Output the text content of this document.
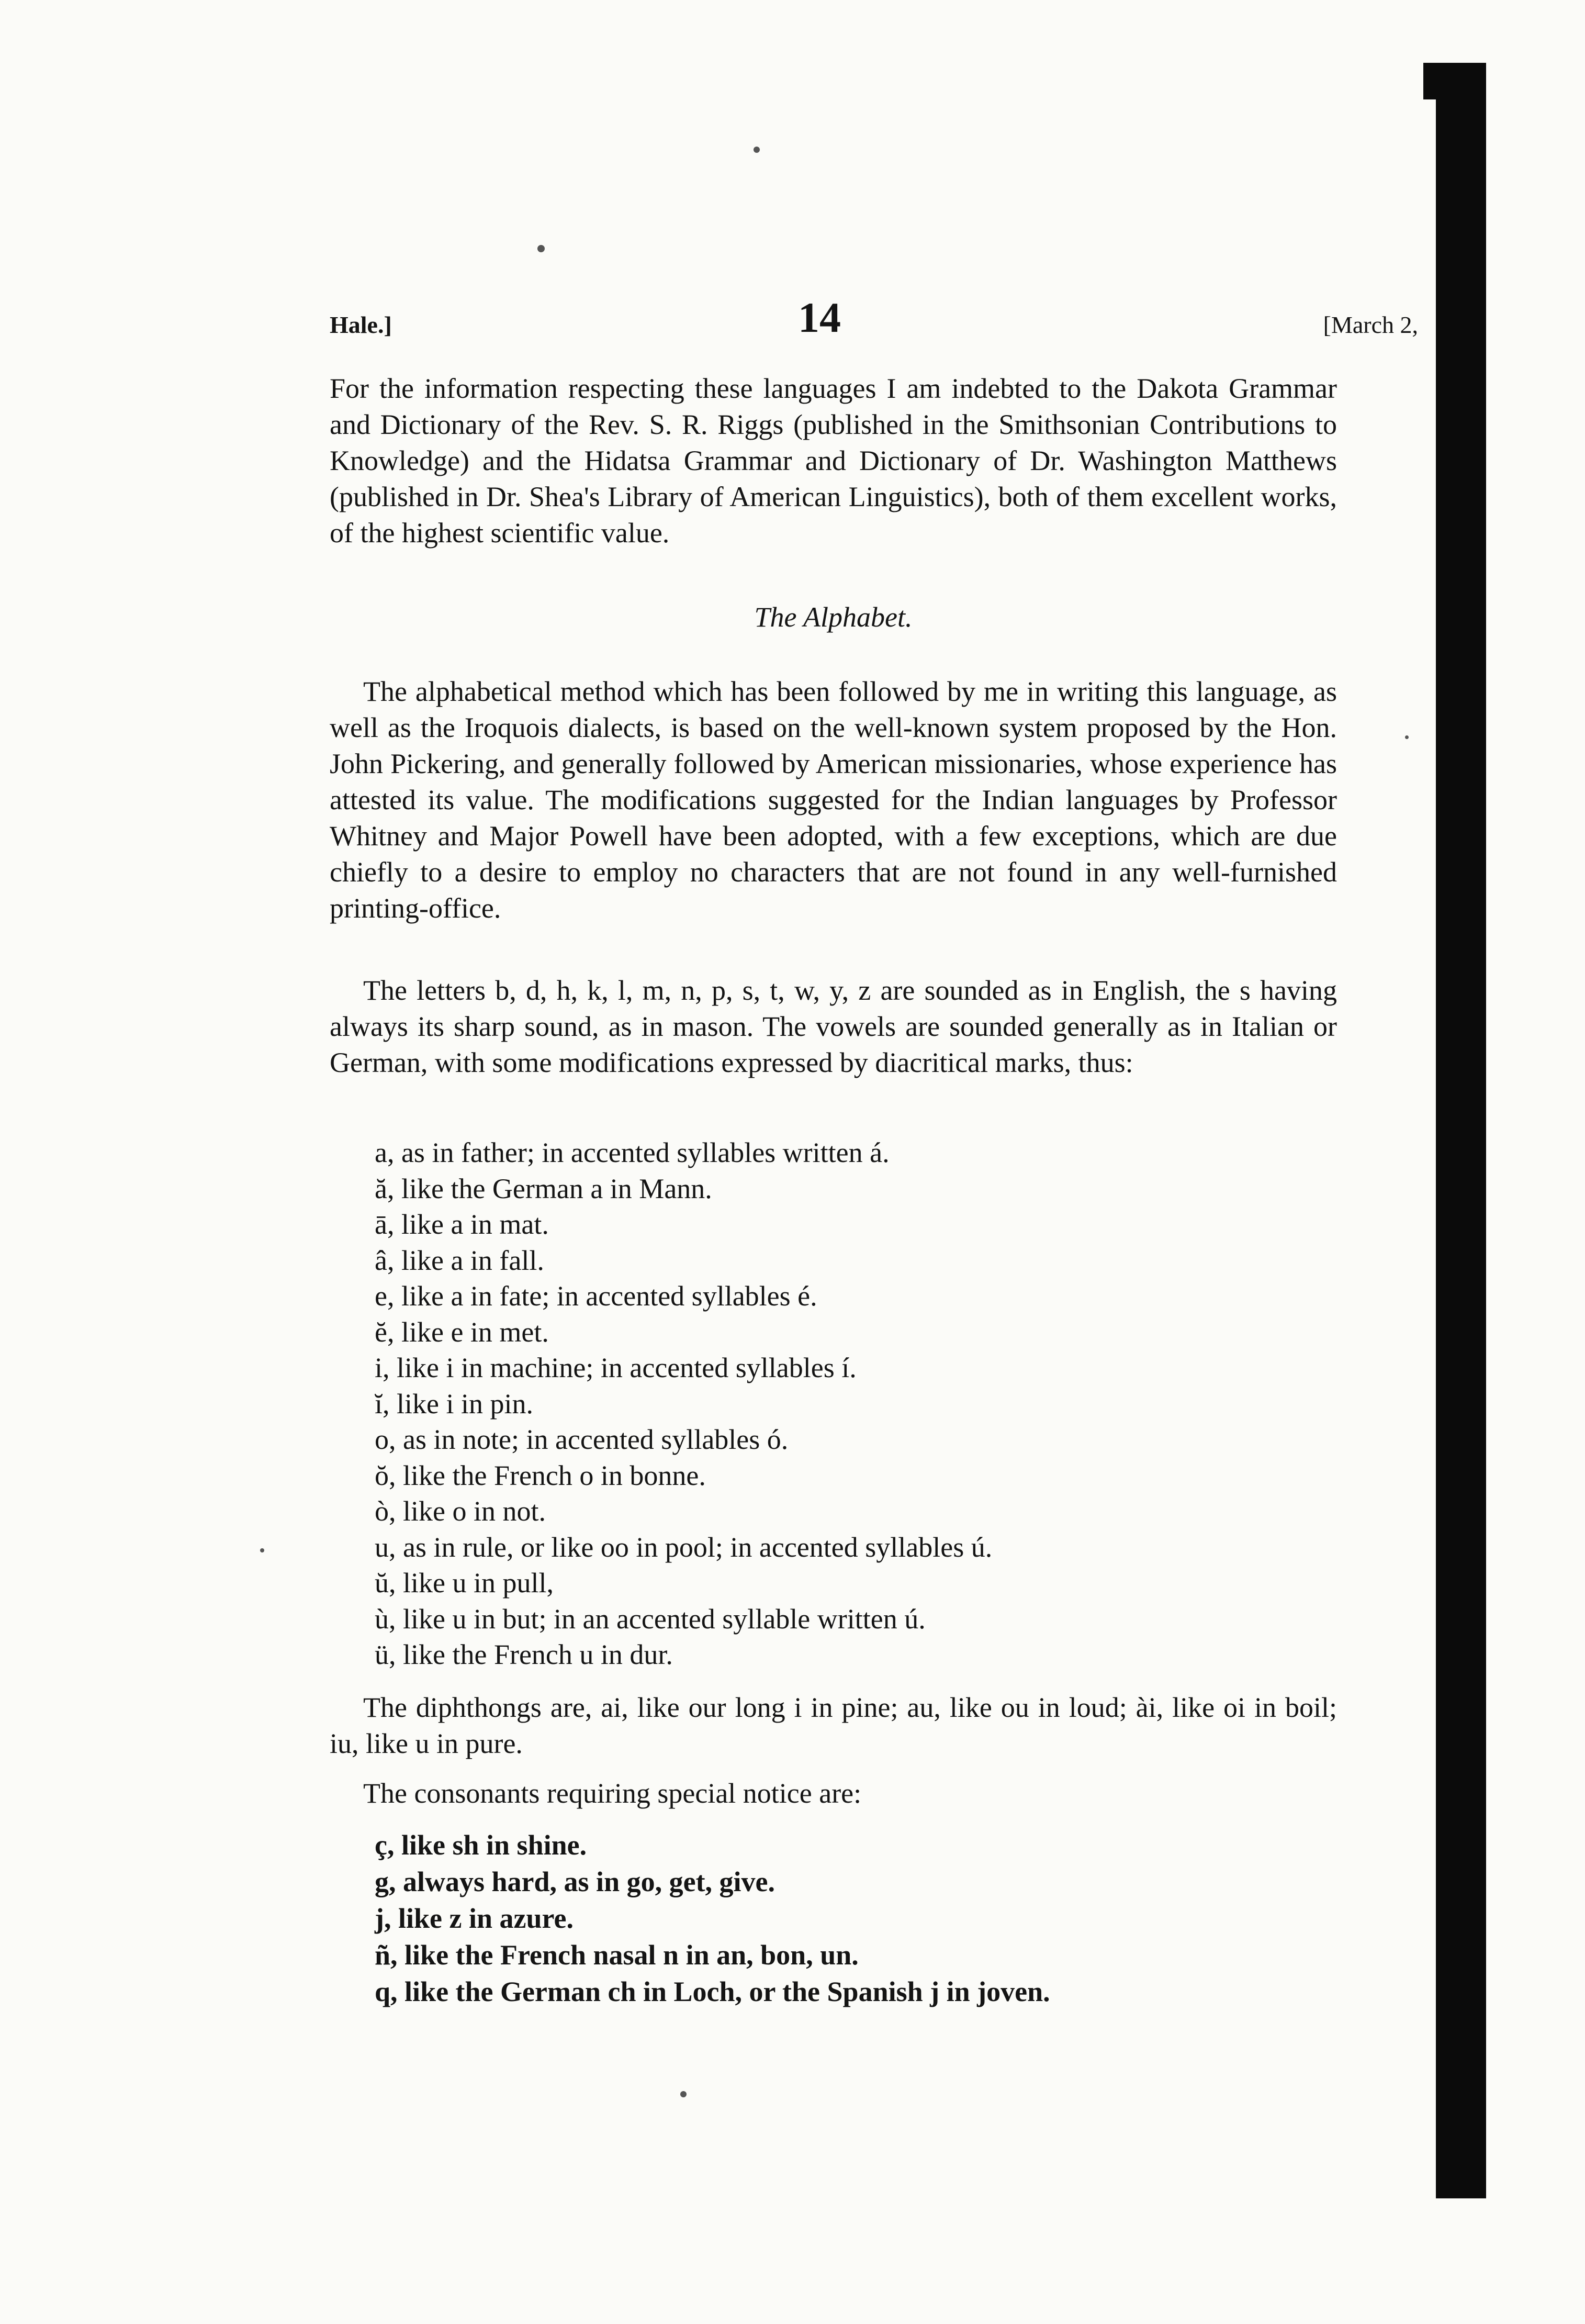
Hale.]	14	[March 2,

For the information respecting these languages I am indebted to the Dakota Grammar and Dictionary of the Rev. S. R. Riggs (published in the Smithsonian Contributions to Knowledge) and the Hidatsa Grammar and Dictionary of Dr. Washington Matthews (published in Dr. Shea's Library of American Linguistics), both of them excellent works, of the highest scientific value.

The Alphabet.

The alphabetical method which has been followed by me in writing this language, as well as the Iroquois dialects, is based on the well-known system proposed by the Hon. John Pickering, and generally followed by American missionaries, whose experience has attested its value. The modifications suggested for the Indian languages by Professor Whitney and Major Powell have been adopted, with a few exceptions, which are due chiefly to a desire to employ no characters that are not found in any well-furnished printing-office.

The letters b, d, h, k, l, m, n, p, s, t, w, y, z are sounded as in English, the s having always its sharp sound, as in mason. The vowels are sounded generally as in Italian or German, with some modifications expressed by diacritical marks, thus:

a, as in father; in accented syllables written á.
ă, like the German a in Mann.
ā, like a in mat.
â, like a in fall.
e, like a in fate; in accented syllables é.
ĕ, like e in met.
i, like i in machine; in accented syllables í.
ĭ, like i in pin.
o, as in note; in accented syllables ó.
ŏ, like the French o in bonne.
ò, like o in not.
u, as in rule, or like oo in pool; in accented syllables ú.
ŭ, like u in pull,
ù, like u in but; in an accented syllable written ú.
ü, like the French u in dur.

The diphthongs are, ai, like our long i in pine; au, like ou in loud; ài, like oi in boil; iu, like u in pure.

The consonants requiring special notice are:

ç, like sh in shine.
g, always hard, as in go, get, give.
j, like z in azure.
ñ, like the French nasal n in an, bon, un.
q, like the German ch in Loch, or the Spanish j in joven.
